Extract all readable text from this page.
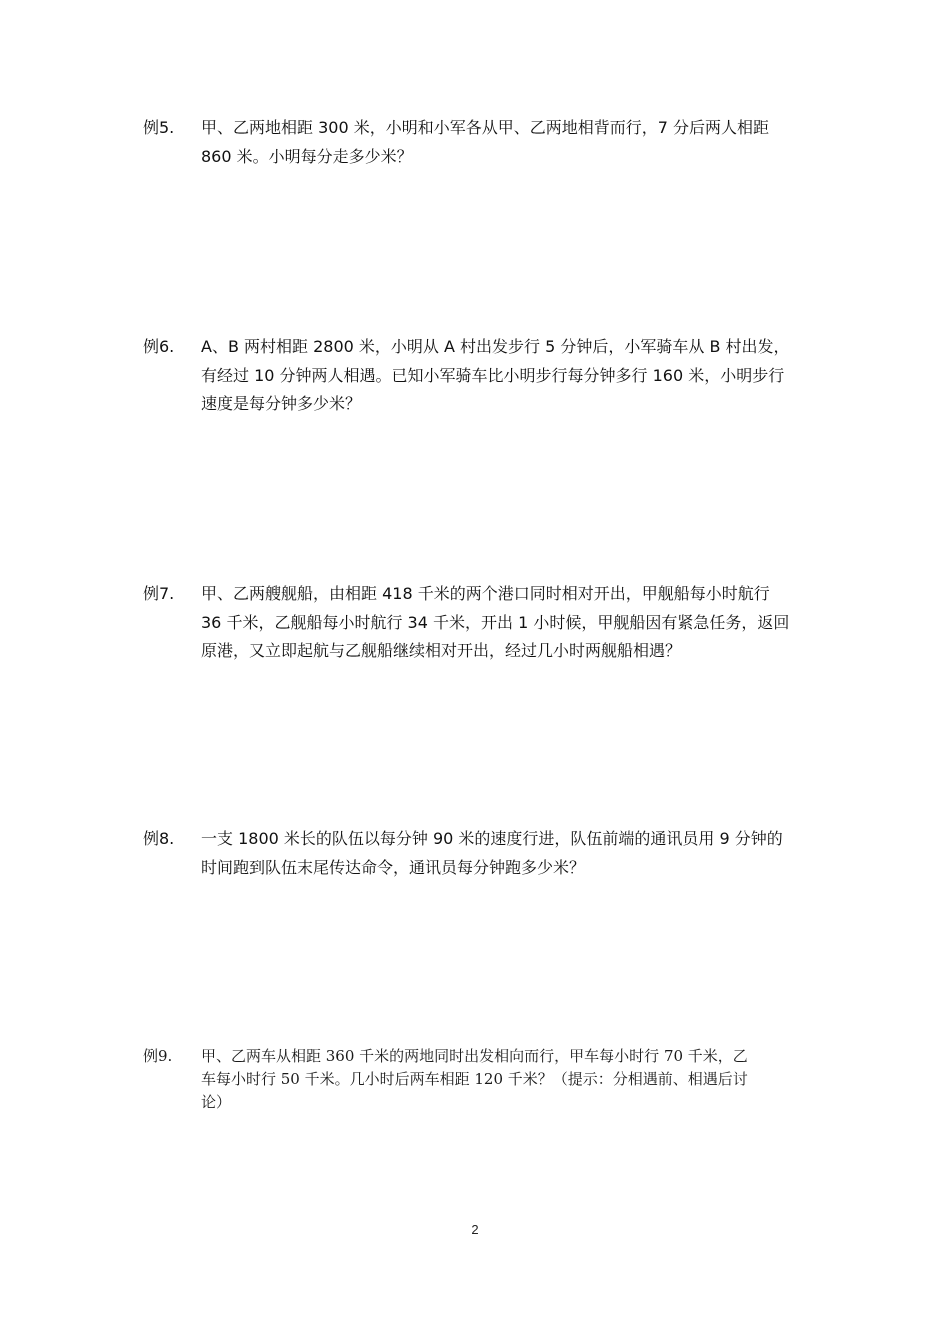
例5.	甲、乙两地相距 300 米，小明和小军各从甲、乙两地相背而行，7 分后两人相距
860 米。小明每分走多少米？
例6.	A、B 两村相距 2800 米，小明从 A 村出发步行 5 分钟后，小军骑车从 B 村出发，
有经过 10 分钟两人相遇。已知小军骑车比小明步行每分钟多行 160 米，小明步行
速度是每分钟多少米？
例7.	甲、乙两艘舰船，由相距 418 千米的两个港口同时相对开出，甲舰船每小时航行
36 千米，乙舰船每小时航行 34 千米，开出 1 小时候，甲舰船因有紧急任务，返回
原港，又立即起航与乙舰船继续相对开出，经过几小时两舰船相遇？
例8.	一支 1800 米长的队伍以每分钟 90 米的速度行进，队伍前端的通讯员用 9 分钟的
时间跑到队伍末尾传达命令，通讯员每分钟跑多少米？
例9.	甲、乙两车从相距 360 千米的两地同时出发相向而行，甲车每小时行 70 千米，乙
车每小时行 50 千米。几小时后两车相距 120 千米？（提示：分相遇前、相遇后讨
论）
2
